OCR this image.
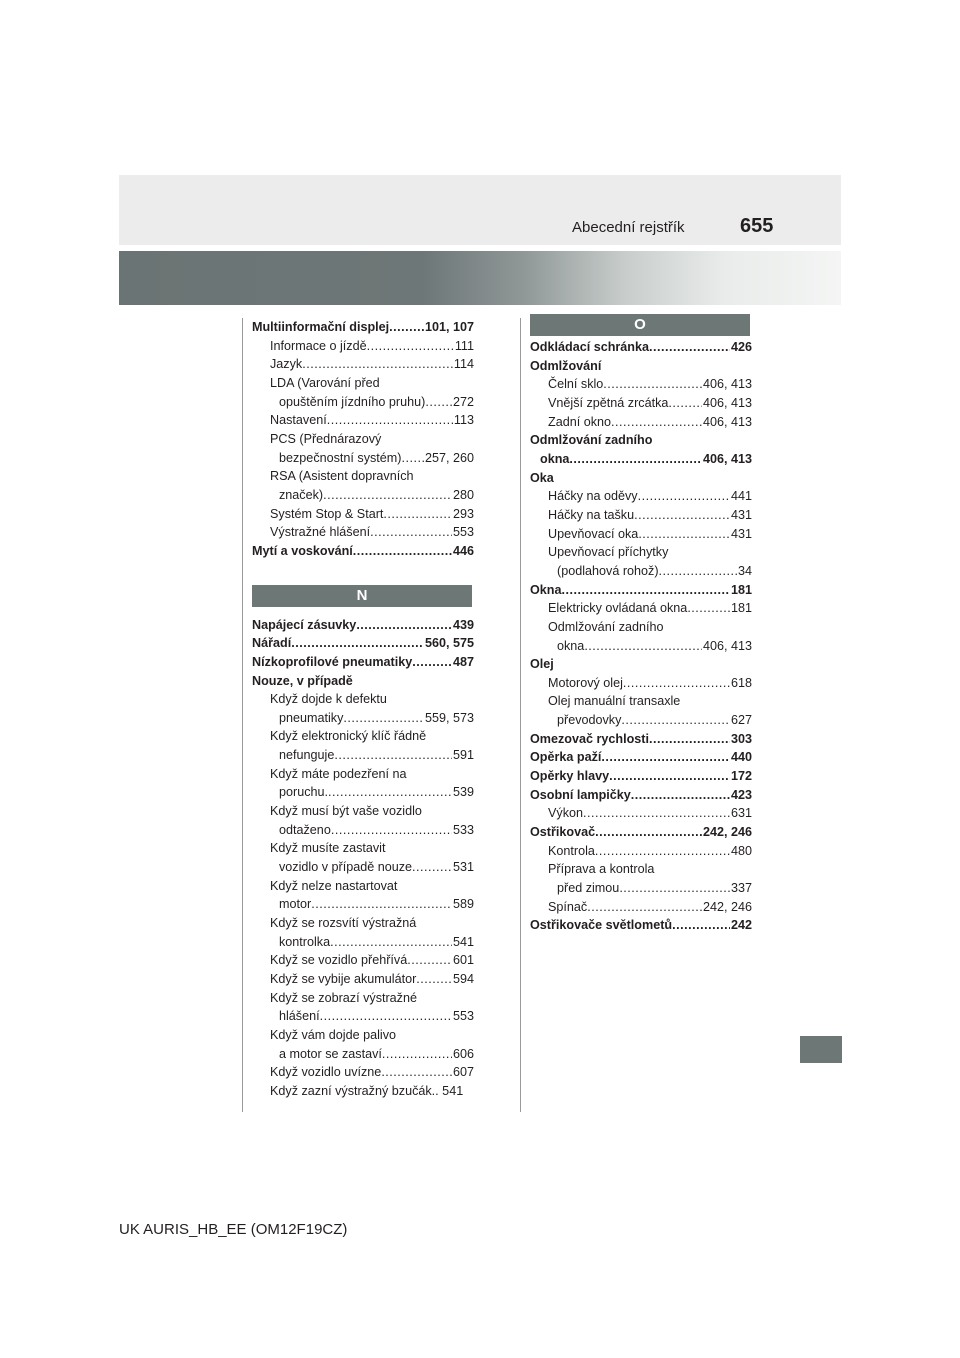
Abecední rejstřík	655
Multiinformační displej .....	101, 107
Informace o jízdě .....	111
Jazyk .....	114
LDA (Varování před
opuštěním jízdního pruhu) ..... 272
Nastavení .....	113
PCS (Přednárazový
bezpečnostní systém) ..... 257, 260
RSA (Asistent dopravních
značek) .....	280
Systém Stop & Start .....	293
Výstražné hlášení .....	553
Mytí a voskování .....	446
N
Napájecí zásuvky .....	439
Nářadí .....	560, 575
Nízkoprofilové pneumatiky .....	487
Nouze, v případě
Když dojde k defektu
pneumatiky .....	559, 573
Když elektronický klíč řádně
nefunguje .....	591
Když máte podezření na
poruchu. .....	539
Když musí být vaše vozidlo
odtaženo .....	533
Když musíte zastavit
vozidlo v případě nouze .....	531
Když nelze nastartovat
motor .....	589
Když se rozsvítí výstražná
kontrolka .....	541
Když se vozidlo přehřívá .....	601
Když se vybije akumulátor .....	594
Když se zobrazí výstražné
hlášení .....	553
Když vám dojde palivo
a motor se zastaví .....	606
Když vozidlo uvízne .....	607
Když zazní výstražný bzučák.. 541
O
Odkládací schránka .....	426
Odmlžování
Čelní sklo .....	406, 413
Vnější zpětná zrcátka .....	406, 413
Zadní okno .....	406, 413
Odmlžování zadního
okna .....	406, 413
Oka
Háčky na oděvy .....	441
Háčky na tašku .....	431
Upevňovací oka .....	431
Upevňovací příchytky
(podlahová rohož) .....	34
Okna .....	181
Elektricky ovládaná okna .....	181
Odmlžování zadního
okna .....	406, 413
Olej
Motorový olej .....	618
Olej manuální transaxle
převodovky .....	627
Omezovač rychlosti .....	303
Opěrka paží .....	440
Opěrky hlavy .....	172
Osobní lampičky .....	423
Výkon .....	631
Ostřikovač .....	242, 246
Kontrola .....	480
Příprava a kontrola
před zimou .....	337
Spínač .....	242, 246
Ostřikovače světlometů .....	242
UK AURIS_HB_EE (OM12F19CZ)
